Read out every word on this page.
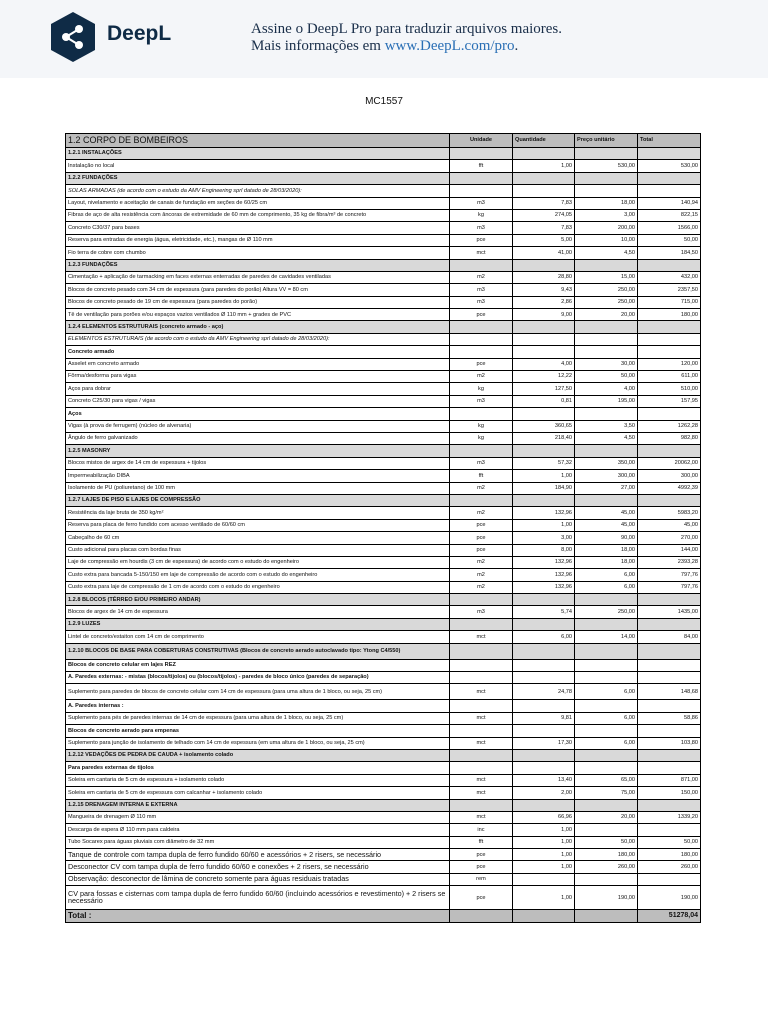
DeepL	Assine o DeepL Pro para traduzir arquivos maiores.
Mais informações em www.DeepL.com/pro.
MC1557
1.2 CORPO DE BOMBEIROS	Unidade	Quantidade	Preço unitário	Total
1.2.1 INSTALAÇÕES				
Instalação no local	fft	1,00	530,00	530,00
1.2.2 FUNDAÇÕES				
SOLAS ARMADAS (de acordo com o estudo da AMV Engineering sprl datado de 28/03/2020):				
Layout, nivelamento e aceitação de canais de fundação em seções de 60/25 cm	m3	7,83	18,00	140,94
Fibras de aço de alta resistência com âncoras de extremidade de 60 mm de comprimento, 35 kg de fibra/m³ de concreto	kg	274,05	3,00	822,15
Concreto C30/37 para bases	m3	7,83	200,00	1566,00
Reserva para entradas de energia (água, eletricidade, etc.), mangas de Ø 110 mm	pce	5,00	10,00	50,00
Fio terra de cobre com chumbo	mct	41,00	4,50	184,50
1.2.3 FUNDAÇÕES				
Cimentação + aplicação de tarmacking em faces externas enterradas de paredes de cavidades ventiladas	m2	28,80	15,00	432,00
Blocos de concreto pesado com 34 cm de espessura (para paredes do porão) Altura VV = 80 cm	m3	9,43	250,00	2357,50
Blocos de concreto pesado de 19 cm de espessura (para paredes do porão)	m3	2,86	250,00	715,00
Tê de ventilação para porões e/ou espaços vazios ventilados Ø 110 mm + grades de PVC	pce	9,00	20,00	180,00
1.2.4 ELEMENTOS ESTRUTURAIS (concreto armado - aço)				
ELEMENTOS ESTRUTURAIS (de acordo com o estudo da AMV Engineering sprl datado de 28/03/2020):				
Concreto armado				
Asselet em concreto armado	pce	4,00	30,00	120,00
Fôrma/desforma para vigas	m2	12,22	50,00	611,00
Aços para dobrar	kg	127,50	4,00	510,00
Concreto C25/30 para vigas / vigas	m3	0,81	195,00	157,95
Aços				
Vigas (à prova de ferrugem) (núcleo de alvenaria)	kg	360,65	3,50	1262,28
Ângulo de ferro galvanizado	kg	218,40	4,50	982,80
1.2.5 MASONRY				
Blocos mistos de argex de 14 cm de espessura + tijolos	m3	57,32	350,00	20062,00
Impermeabilização DIBA	fft	1,00	300,00	300,00
Isolamento de PU (poliuretano) de 100 mm	m2	184,90	27,00	4992,39
1.2.7 LAJES DE PISO E LAJES DE COMPRESSÃO				
Resistência da laje bruta de 350 kg/m²	m2	132,96	45,00	5983,20
Reserva para placa de ferro fundido com acesso ventilado de 60/60 cm	pce	1,00	45,00	45,00
Cabeçalho de 60 cm	pce	3,00	90,00	270,00
Custo adicional para placas com bordas finas	pce	8,00	18,00	144,00
Laje de compressão em hourdis (3 cm de espessura) de acordo com o estudo do engenheiro	m2	132,96	18,00	2393,28
Custo extra para bancada 5-150/150 em laje de compressão de acordo com o estudo do engenheiro	m2	132,96	6,00	797,76
Custo extra para laje de compressão de 1 cm de acordo com o estudo do engenheiro	m2	132,96	6,00	797,76
1.2.8 BLOCOS (TÉRREO E/OU PRIMEIRO ANDAR)				
Blocos de argex de 14 cm de espessura	m3	5,74	250,00	1435,00
1.2.9 LUZES				
Lintel de concreto/estaiton com 14 cm de comprimento	mct	6,00	14,00	84,00
1.2.10 BLOCOS DE BASE PARA COBERTURAS CONSTRUTIVAS (Blocos de concreto aerado autoclavado tipo: Ytong C4/550)				
Blocos de concreto celular em lajes REZ				
A. Paredes externas: - mistas (blocos/tijolos) ou (blocos/tijolos) - paredes de bloco único (paredes de separação)				
Suplemento para paredes de blocos de concreto celular com 14 cm de espessura (para uma altura de 1 bloco, ou seja, 25 cm)	mct	24,78	6,00	148,68
A. Paredes internas :				
Suplemento para pés de paredes internas de 14 cm de espessura (para uma altura de 1 bloco, ou seja, 25 cm)	mct	9,81	6,00	58,86
Blocos de concreto aerado para empenas				
Suplemento para junção de isolamento de telhado com 14 cm de espessura (em uma altura de 1 bloco, ou seja, 25 cm)	mct	17,30	6,00	103,80
1.2.12 VEDAÇÕES DE PEDRA DE CAUDA + isolamento colado				
Para paredes externas de tijolos				
Soleira em cantaria de 5 cm de espessura + isolamento colado	mct	13,40	65,00	871,00
Soleira em cantaria de 5 cm de espessura com calcanhar + isolamento colado	mct	2,00	75,00	150,00
1.2.15 DRENAGEM INTERNA E EXTERNA				
Mangueira de drenagem Ø 110 mm	mct	66,96	20,00	1339,20
Descarga de espera Ø 110 mm para caldeira	inc	1,00		
Tubo Socarex para águas pluviais com diâmetro de 32 mm	fft	1,00	50,00	50,00
Tanque de controle com tampa dupla de ferro fundido 60/60 e acessórios + 2 risers, se necessário	pce	1,00	180,00	180,00
Desconector CV com tampa dupla de ferro fundido 60/60 e conexões + 2 risers, se necessário	pce	1,00	260,00	260,00
Observação: desconector de lâmina de concreto somente para águas residuais tratadas	rem			
CV para fossas e cisternas com tampa dupla de ferro fundido 60/60 (incluindo acessórios e revestimento) + 2 risers se necessário	pce	1,00	190,00	190,00
Total :				51278,04
